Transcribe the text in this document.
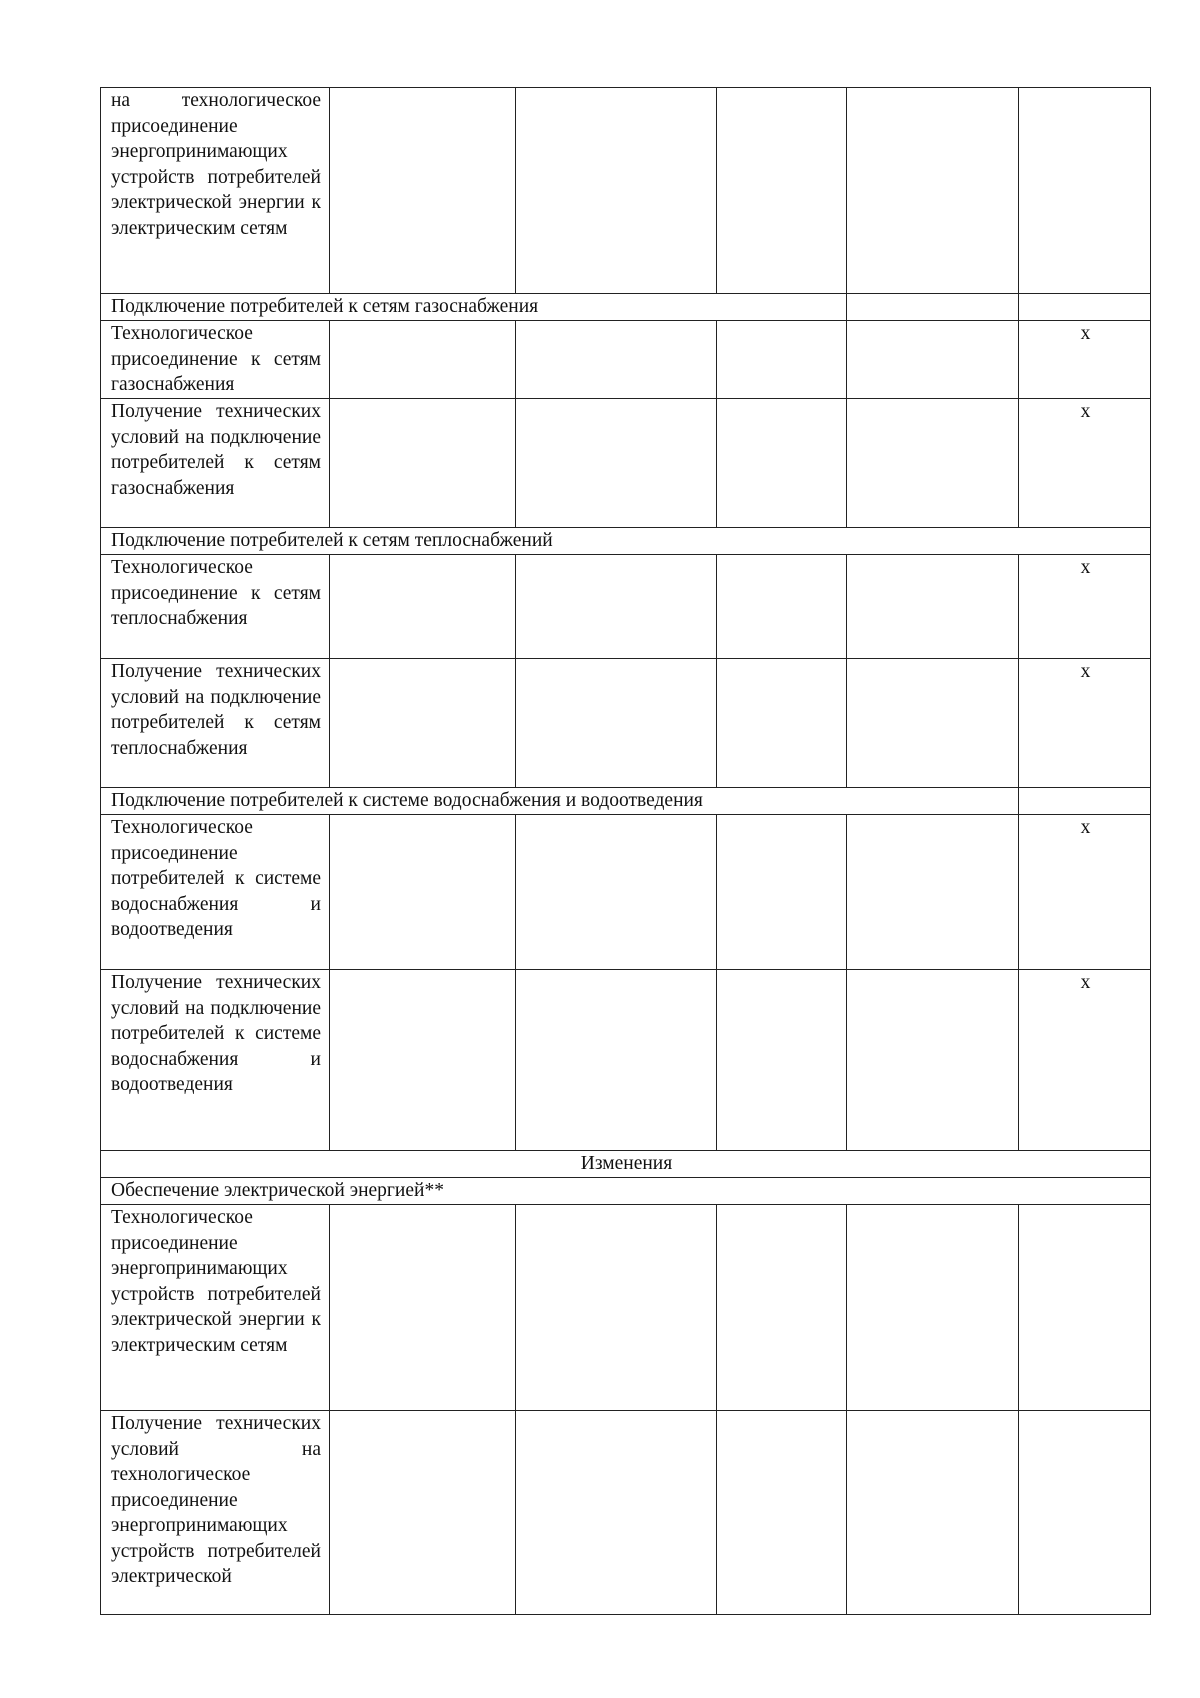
на технологическое присоединение энергопринимающих устройств потребителей электрической энергии к электрическим сетям					

Подключение потребителей к сетям газоснабжения					

Технологическое присоединение к сетям газоснабжения					х

Получение технических условий на подключение потребителей к сетям газоснабжения					х
Подключение потребителей к сетям теплоснабжений					

Технологическое присоединение к сетям теплоснабжения					х

Получение технических условий на подключение потребителей к сетям теплоснабжения					х
Подключение потребителей к системе водоснабжения и водоотведения					

Технологическое присоединение потребителей к системе водоснабжения и водоотведения					х

Получение технических условий на подключение потребителей к системе водоснабжения и водоотведения					х
Изменения					
Обеспечение электрической энергией**					

Технологическое присоединение энергопринимающих устройств потребителей электрической энергии к электрическим сетям					

Получение технических условий на технологическое присоединение энергопринимающих устройств потребителей электрической					
